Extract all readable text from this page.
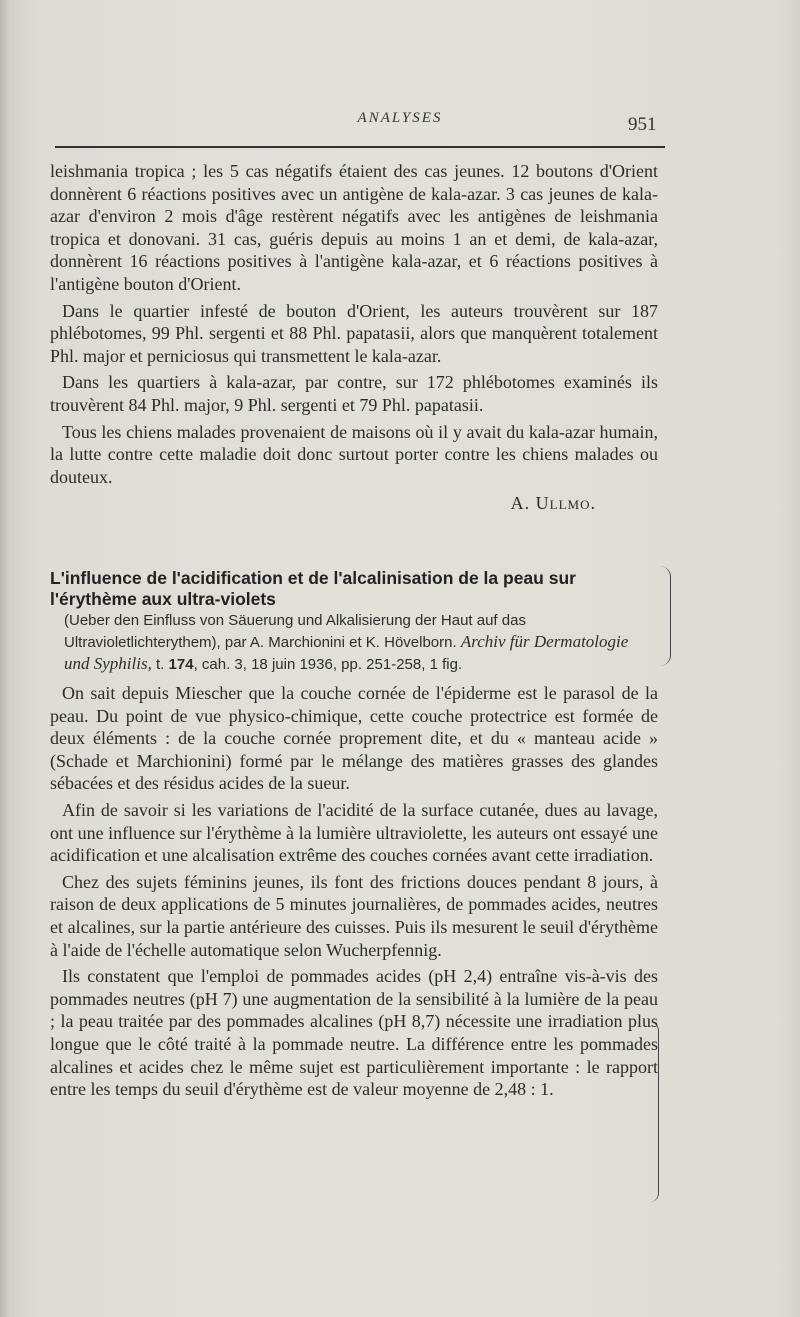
ANALYSES	951

leishmania tropica ; les 5 cas négatifs étaient des cas jeunes. 12 boutons d'Orient donnèrent 6 réactions positives avec un antigène de kala-azar. 3 cas jeunes de kala-azar d'environ 2 mois d'âge restèrent négatifs avec les antigènes de leishmania tropica et donovani. 31 cas, guéris depuis au moins 1 an et demi, de kala-azar, donnèrent 16 réactions positives à l'antigène kala-azar, et 6 réactions positives à l'antigène bouton d'Orient.

Dans le quartier infesté de bouton d'Orient, les auteurs trouvèrent sur 187 phlébotomes, 99 Phl. sergenti et 88 Phl. papatasii, alors que manquèrent totalement Phl. major et perniciosus qui transmettent le kala-azar.

Dans les quartiers à kala-azar, par contre, sur 172 phlébotomes examinés ils trouvèrent 84 Phl. major, 9 Phl. sergenti et 79 Phl. papatasii.

Tous les chiens malades provenaient de maisons où il y avait du kala-azar humain, la lutte contre cette maladie doit donc surtout porter contre les chiens malades ou douteux.

A. Ullmo.
L'influence de l'acidification et de l'alcalinisation de la peau sur l'érythème aux ultra-violets
(Ueber den Einfluss von Säuerung und Alkalisierung der Haut auf das Ultravioletlichterythem), par A. Marchionini et K. Hövelborn. Archiv für Dermatologie und Syphilis, t. 174, cah. 3, 18 juin 1936, pp. 251-258, 1 fig.

On sait depuis Miescher que la couche cornée de l'épiderme est le parasol de la peau. Du point de vue physico-chimique, cette couche protectrice est formée de deux éléments : de la couche cornée proprement dite, et du « manteau acide » (Schade et Marchionini) formé par le mélange des matières grasses des glandes sébacées et des résidus acides de la sueur.

Afin de savoir si les variations de l'acidité de la surface cutanée, dues au lavage, ont une influence sur l'érythème à la lumière ultraviolette, les auteurs ont essayé une acidification et une alcalisation extrême des couches cornées avant cette irradiation.

Chez des sujets féminins jeunes, ils font des frictions douces pendant 8 jours, à raison de deux applications de 5 minutes journalières, de pommades acides, neutres et alcalines, sur la partie antérieure des cuisses. Puis ils mesurent le seuil d'érythème à l'aide de l'échelle automatique selon Wucherpfennig.

Ils constatent que l'emploi de pommades acides (pH 2,4) entraîne vis-à-vis des pommades neutres (pH 7) une augmentation de la sensibilité à la lumière de la peau ; la peau traitée par des pommades alcalines (pH 8,7) nécessite une irradiation plus longue que le côté traité à la pommade neutre. La différence entre les pommades alcalines et acides chez le même sujet est particulièrement importante : le rapport entre les temps du seuil d'érythème est de valeur moyenne de 2,48 : 1.
